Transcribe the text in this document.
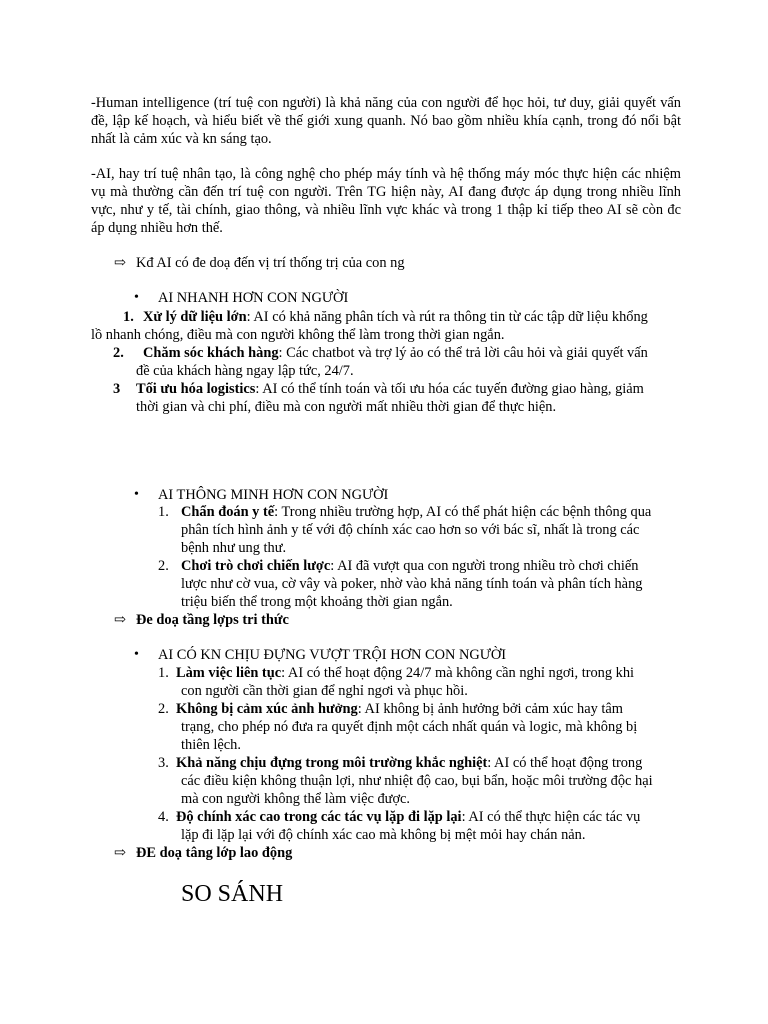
-Human intelligence (trí tuệ con người) là khả năng của con người để học hỏi, tư duy, giải quyết vấn đề, lập kế hoạch, và hiểu biết về thế giới xung quanh. Nó bao gồm nhiều khía cạnh, trong đó nổi bật nhất là cảm xúc và kn sáng tạo.
-AI, hay trí tuệ nhân tạo, là công nghệ cho phép máy tính và hệ thống máy móc thực hiện các nhiệm vụ mà thường cần đến trí tuệ con người. Trên TG hiện này, AI đang được áp dụng trong nhiều lĩnh vực, như y tế, tài chính, giao thông, và nhiều lĩnh vực khác và trong 1 thập kỉ tiếp theo AI sẽ còn đc áp dụng nhiều hơn thế.
⇨ Kđ AI có đe doạ đến vị trí thống trị của con ng
•	AI NHANH HƠN CON NGƯỜI
1. Xử lý dữ liệu lớn: AI có khả năng phân tích và rút ra thông tin từ các tập dữ liệu khổng
lồ nhanh chóng, điều mà con người không thể làm trong thời gian ngắn.
2. Chăm sóc khách hàng: Các chatbot và trợ lý ảo có thể trả lời câu hỏi và giải quyết vấn
đề của khách hàng ngay lập tức, 24/7.
3 Tối ưu hóa logistics: AI có thể tính toán và tối ưu hóa các tuyến đường giao hàng, giảm
thời gian và chi phí, điều mà con người mất nhiều thời gian để thực hiện.
•	AI THÔNG MINH HƠN CON NGƯỜI
1. Chẩn đoán y tế: Trong nhiều trường hợp, AI có thể phát hiện các bệnh thông qua
phân tích hình ảnh y tế với độ chính xác cao hơn so với bác sĩ, nhất là trong các
bệnh như ung thư.
2. Chơi trò chơi chiến lược: AI đã vượt qua con người trong nhiều trò chơi chiến
lược như cờ vua, cờ vây và poker, nhờ vào khả năng tính toán và phân tích hàng
triệu biến thể trong một khoảng thời gian ngắn.
⇨ Đe doạ tầng lợps tri thức
•	AI CÓ KN CHỊU ĐỰNG VƯỢT TRỘI HƠN CON NGƯỜI
1. Làm việc liên tục: AI có thể hoạt động 24/7 mà không cần nghỉ ngơi, trong khi
con người cần thời gian để nghỉ ngơi và phục hồi.
2. Không bị cảm xúc ảnh hưởng: AI không bị ảnh hưởng bởi cảm xúc hay tâm
trạng, cho phép nó đưa ra quyết định một cách nhất quán và logic, mà không bị
thiên lệch.
3. Khả năng chịu đựng trong môi trường khắc nghiệt: AI có thể hoạt động trong
các điều kiện không thuận lợi, như nhiệt độ cao, bụi bẩn, hoặc môi trường độc hại
mà con người không thể làm việc được.
4. Độ chính xác cao trong các tác vụ lặp đi lặp lại: AI có thể thực hiện các tác vụ
lặp đi lặp lại với độ chính xác cao mà không bị mệt mỏi hay chán nản.
⇨ ĐE doạ tâng lớp lao động
SO SÁNH
